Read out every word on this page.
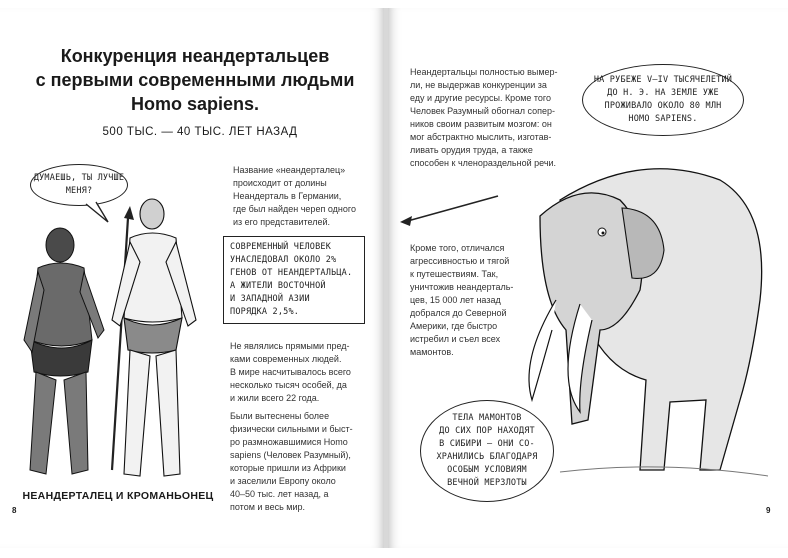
Конкуренция неандертальцев
с первыми современными людьми
Homo sapiens.
500 ТЫС. — 40 ТЫС. ЛЕТ НАЗАД
ДУМАЕШЬ, ТЫ ЛУЧШЕ
МЕНЯ?
Название «неандерталец»
происходит от долины
Неандерталь в Германии,
где был найден череп одного
из его представителей.
СОВРЕМЕННЫЙ ЧЕЛОВЕК
УНАСЛЕДОВАЛ ОКОЛО 2%
ГЕНОВ ОТ НЕАНДЕРТАЛЬЦА.
А ЖИТЕЛИ ВОСТОЧНОЙ
И ЗАПАДНОЙ АЗИИ
ПОРЯДКА 2,5%.
Не являлись прямыми пред-
ками современных людей.
В мире насчитывалось всего
несколько тысяч особей, да
и жили всего 22 года.
Были вытеснены более
физически сильными и быст-
ро размножавшимися Homo
sapiens (Человек Разумный),
которые пришли из Африки
и заселили Европу около
40–50 тыс. лет назад, а
потом и весь мир.
НЕАНДЕРТАЛЕЦ И КРОМАНЬОНЕЦ
8
Неандертальцы полностью вымер-
ли, не выдержав конкуренции за
еду и другие ресурсы. Кроме того
Человек Разумный обогнал сопер-
ников своим развитым мозгом: он
мог абстрактно мыслить, изготав-
ливать орудия труда, а также
способен к членораздельной речи.
НА РУБЕЖЕ V–IV ТЫСЯЧЕЛЕТИЙ
ДО Н. Э. НА ЗЕМЛЕ УЖЕ
ПРОЖИВАЛО ОКОЛО 80 МЛН
HOMO SAPIENS.
Кроме того, отличался
агрессивностью и тягой
к путешествиям. Так,
уничтожив неандерталь-
цев, 15 000 лет назад
добрался до Северной
Америки, где быстро
истребил и съел всех
мамонтов.
ТЕЛА МАМОНТОВ
ДО СИХ ПОР НАХОДЯТ
В СИБИРИ – ОНИ СО-
ХРАНИЛИСЬ БЛАГОДАРЯ
ОСОБЫМ УСЛОВИЯМ
ВЕЧНОЙ МЕРЗЛОТЫ
9
